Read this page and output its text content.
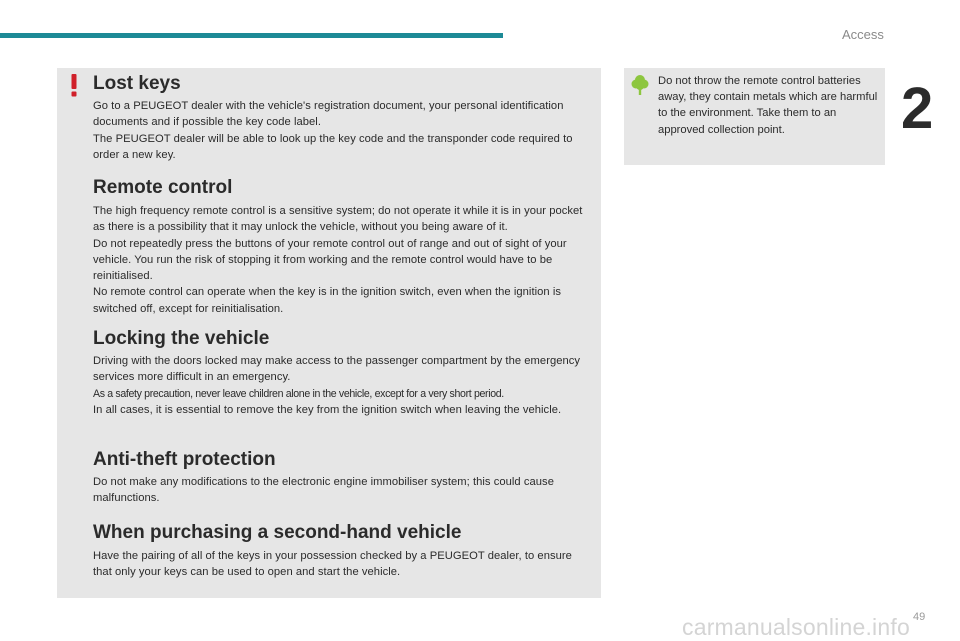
Access
2
Lost keys

Go to a PEUGEOT dealer with the vehicle's registration document, your personal identification documents and if possible the key code label.

The PEUGEOT dealer will be able to look up the key code and the transponder code required to order a new key.

Remote control

The high frequency remote control is a sensitive system; do not operate it while it is in your pocket as there is a possibility that it may unlock the vehicle, without you being aware of it.

Do not repeatedly press the buttons of your remote control out of range and out of sight of your vehicle. You run the risk of stopping it from working and the remote control would have to be reinitialised.

No remote control can operate when the key is in the ignition switch, even when the ignition is switched off, except for reinitialisation.

Locking the vehicle

Driving with the doors locked may make access to the passenger compartment by the emergency services more difficult in an emergency.

As a safety precaution, never leave children alone in the vehicle, except for a very short period.

In all cases, it is essential to remove the key from the ignition switch when leaving the vehicle.

Anti-theft protection

Do not make any modifications to the electronic engine immobiliser system; this could cause malfunctions.

When purchasing a second-hand vehicle

Have the pairing of all of the keys in your possession checked by a PEUGEOT dealer, to ensure that only your keys can be used to open and start the vehicle.

Do not throw the remote control batteries away, they contain metals which are harmful to the environment. Take them to an approved collection point.
carmanualsonline.info 49
